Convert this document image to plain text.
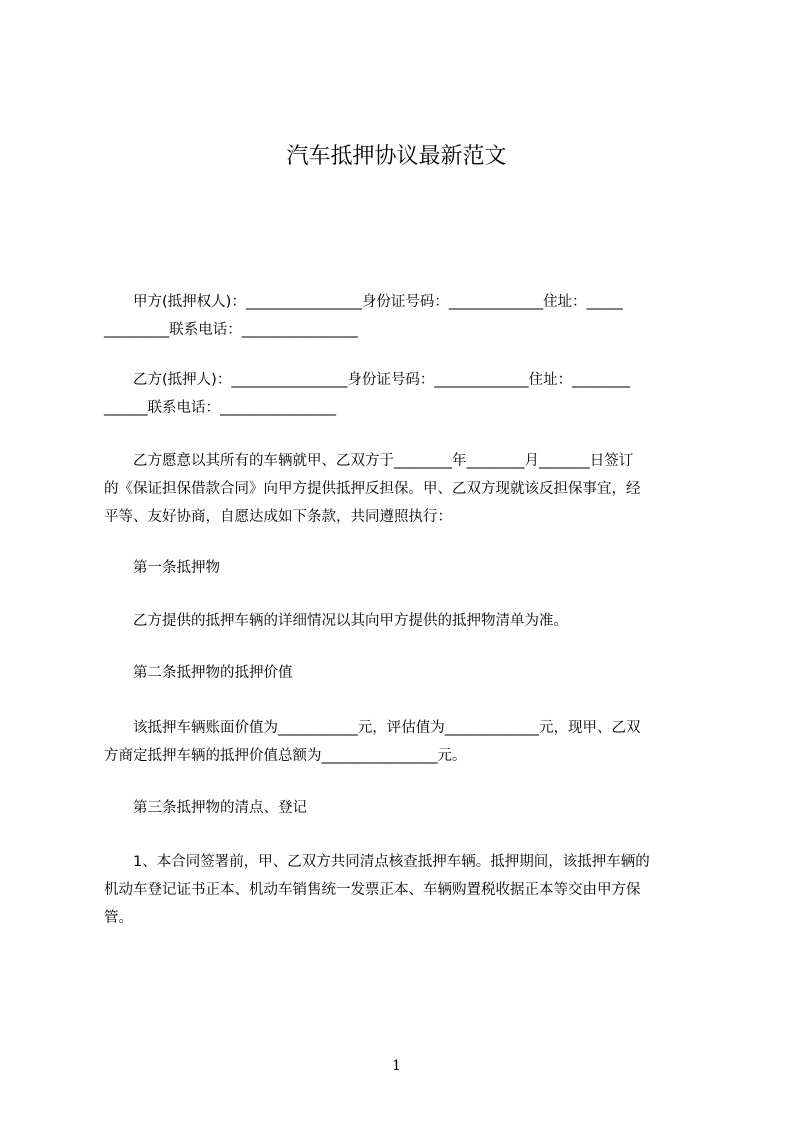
汽车抵押协议最新范文
　　甲方(抵押权人)：________________身份证号码：_____________住址：_____
_________联系电话：________________
　　乙方(抵押人)：________________身份证号码：_____________住址：________
______联系电话：________________
　　乙方愿意以其所有的车辆就甲、乙双方于________年________月_______日签订
的《保证担保借款合同》向甲方提供抵押反担保。甲、乙双方现就该反担保事宜，经
平等、友好协商，自愿达成如下条款，共同遵照执行：
　　第一条抵押物
　　乙方提供的抵押车辆的详细情况以其向甲方提供的抵押物清单为准。
　　第二条抵押物的抵押价值
　　该抵押车辆账面价值为___________元，评估值为_____________元，现甲、乙双
方商定抵押车辆的抵押价值总额为________________元。
　　第三条抵押物的清点、登记
　　1、本合同签署前，甲、乙双方共同清点核查抵押车辆。抵押期间，该抵押车辆的
机动车登记证书正本、机动车销售统一发票正本、车辆购置税收据正本等交由甲方保
管。
1
